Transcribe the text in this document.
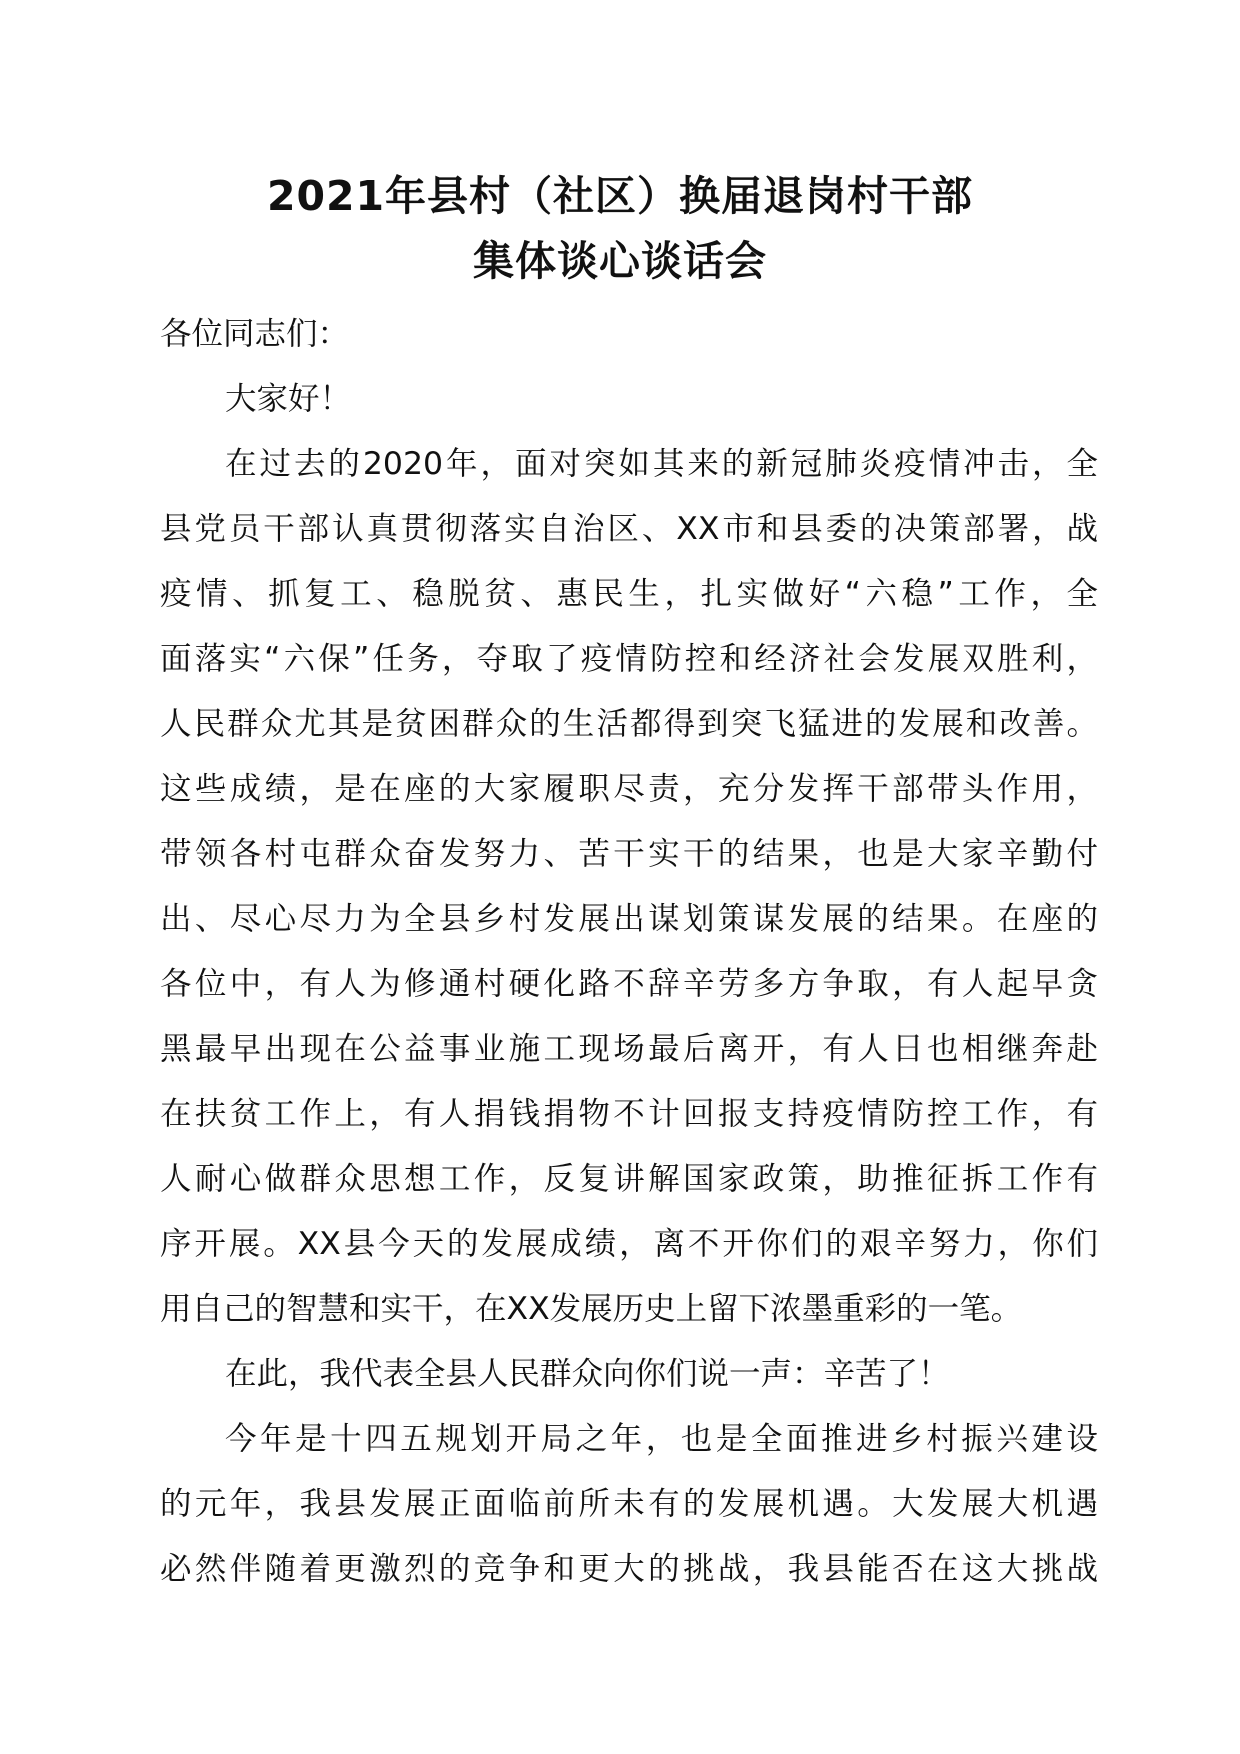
2021年县村（社区）换届退岗村干部
集体谈心谈话会
各位同志们：
大家好！
在过去的2020年，面对突如其来的新冠肺炎疫情冲击，全
县党员干部认真贯彻落实自治区、XX市和县委的决策部署，战
疫情、抓复工、稳脱贫、惠民生，扎实做好“六稳”工作，全
面落实“六保”任务，夺取了疫情防控和经济社会发展双胜利，
人民群众尤其是贫困群众的生活都得到突飞猛进的发展和改善。
这些成绩，是在座的大家履职尽责，充分发挥干部带头作用，
带领各村屯群众奋发努力、苦干实干的结果，也是大家辛勤付
出、尽心尽力为全县乡村发展出谋划策谋发展的结果。在座的
各位中，有人为修通村硬化路不辞辛劳多方争取，有人起早贪
黑最早出现在公益事业施工现场最后离开，有人日也相继奔赴
在扶贫工作上，有人捐钱捐物不计回报支持疫情防控工作，有
人耐心做群众思想工作，反复讲解国家政策，助推征拆工作有
序开展。XX县今天的发展成绩，离不开你们的艰辛努力，你们
用自己的智慧和实干，在XX发展历史上留下浓墨重彩的一笔。
在此，我代表全县人民群众向你们说一声：辛苦了！
今年是十四五规划开局之年，也是全面推进乡村振兴建设
的元年，我县发展正面临前所未有的发展机遇。大发展大机遇
必然伴随着更激烈的竞争和更大的挑战，我县能否在这大挑战
